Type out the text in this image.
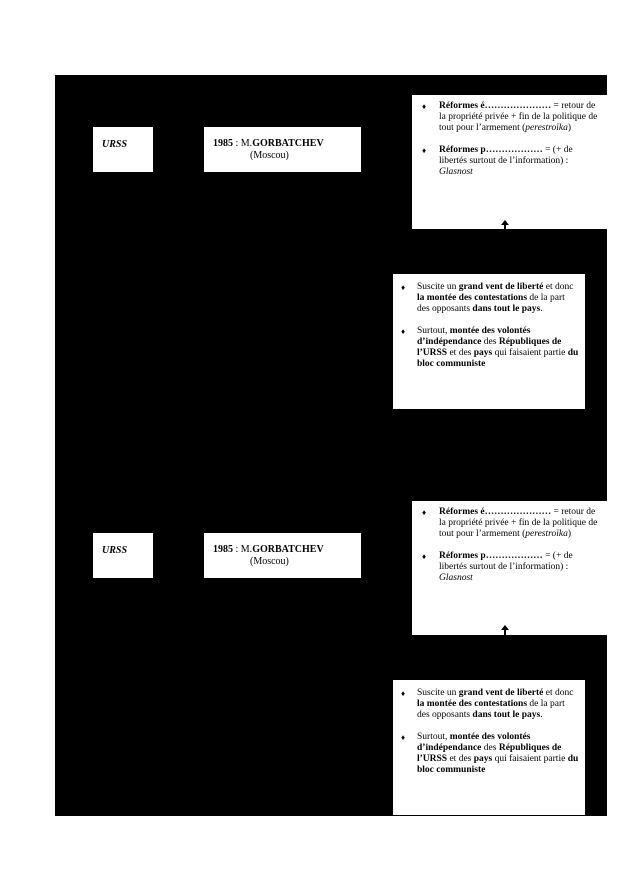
URSS	1985 : M.GORBATCHEV
(Moscou)
♦ Réformes é………………… = retour de la propriété privée + fin de la politique de tout pour l’armement (perestroïka)
♦ Réformes p……………… = (+ de libertés surtout de l’information) : Glasnost
♦ Suscite un grand vent de liberté et donc la montée des contestations de la part des opposants dans tout le pays.
♦ Surtout, montée des volontés d’indépendance des Républiques de l’URSS et des pays qui faisaient partie du bloc communiste
URSS	1985 : M.GORBATCHEV
(Moscou)
♦ Réformes é………………… = retour de la propriété privée + fin de la politique de tout pour l’armement (perestroïka)
♦ Réformes p……………… = (+ de libertés surtout de l’information) : Glasnost
♦ Suscite un grand vent de liberté et donc la montée des contestations de la part des opposants dans tout le pays.
♦ Surtout, montée des volontés d’indépendance des Républiques de l’URSS et des pays qui faisaient partie du bloc communiste
